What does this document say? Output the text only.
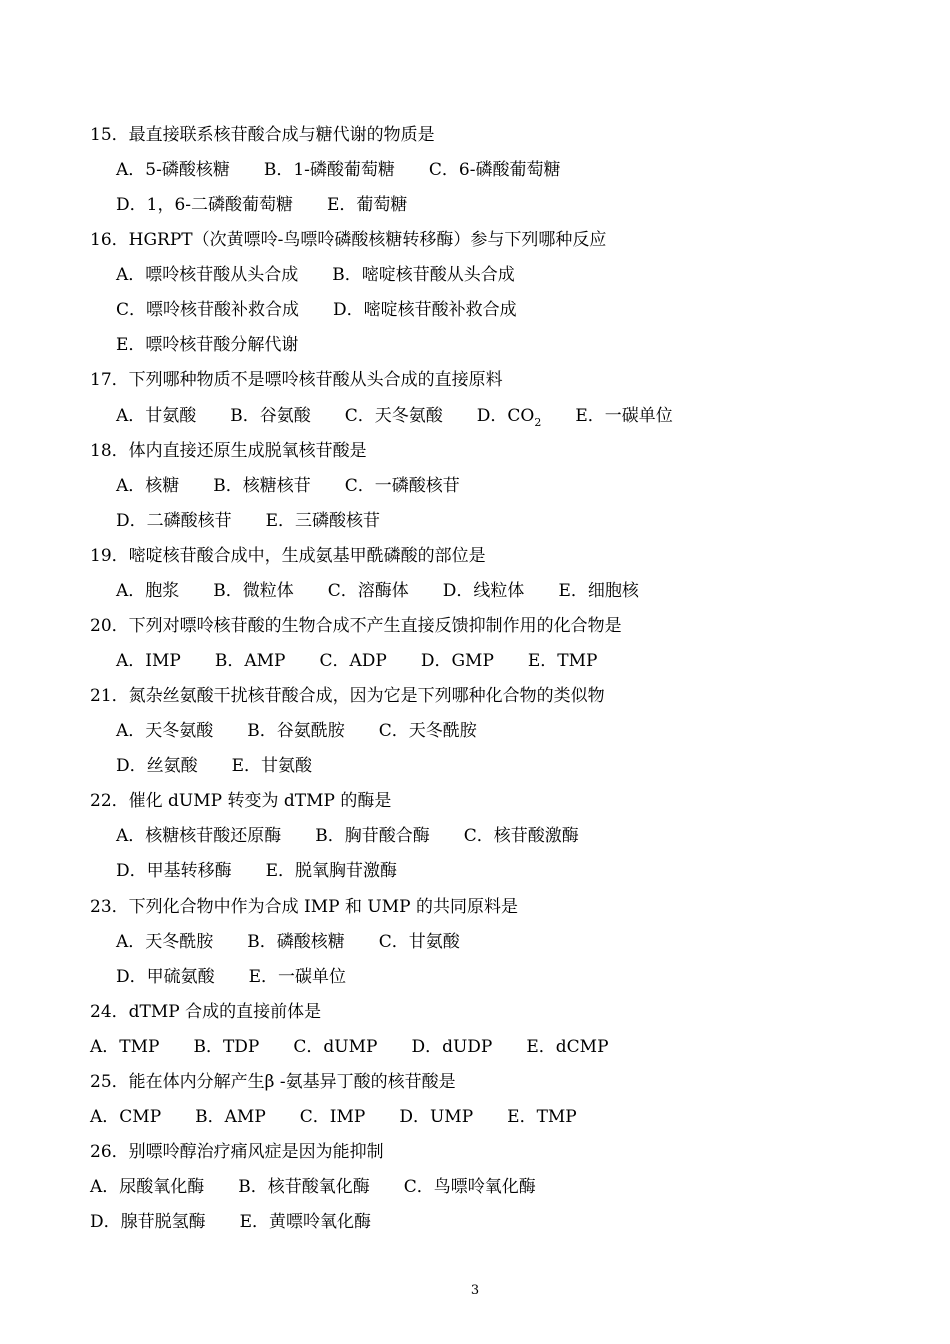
15．最直接联系核苷酸合成与糖代谢的物质是
A．5-磷酸核糖 B．1-磷酸葡萄糖 C．6-磷酸葡萄糖
D．1，6-二磷酸葡萄糖 E．葡萄糖
16．HGRPT（次黄嘌呤-鸟嘌呤磷酸核糖转移酶）参与下列哪种反应
A．嘌呤核苷酸从头合成 B．嘧啶核苷酸从头合成
C．嘌呤核苷酸补救合成 D．嘧啶核苷酸补救合成
E．嘌呤核苷酸分解代谢
17．下列哪种物质不是嘌呤核苷酸从头合成的直接原料
A．甘氨酸 B．谷氨酸 C．天冬氨酸 D．$CO_2$ E．一碳单位
18．体内直接还原生成脱氧核苷酸是
A．核糖 B．核糖核苷 C．一磷酸核苷
D．二磷酸核苷 E．三磷酸核苷
19．嘧啶核苷酸合成中，生成氨基甲酰磷酸的部位是
A．胞浆 B．微粒体 C．溶酶体 D．线粒体 E．细胞核
20．下列对嘌呤核苷酸的生物合成不产生直接反馈抑制作用的化合物是
A．IMP B．AMP C．ADP D．GMP E．TMP
21．氮杂丝氨酸干扰核苷酸合成，因为它是下列哪种化合物的类似物
A．天冬氨酸 B．谷氨酰胺 C．天冬酰胺
D．丝氨酸 E．甘氨酸
22．催化 dUMP 转变为 dTMP 的酶是
A．核糖核苷酸还原酶 B．胸苷酸合酶 C．核苷酸激酶
D．甲基转移酶 E．脱氧胸苷激酶
23．下列化合物中作为合成 IMP 和 UMP 的共同原料是
A．天冬酰胺 B．磷酸核糖 C．甘氨酸
D．甲硫氨酸 E．一碳单位
24．dTMP 合成的直接前体是
A．TMP B．TDP C．dUMP D．dUDP E．dCMP
25．能在体内分解产生β -氨基异丁酸的核苷酸是
A．CMP B．AMP C．IMP D．UMP E．TMP
26．别嘌呤醇治疗痛风症是因为能抑制
A．尿酸氧化酶 B．核苷酸氧化酶 C．鸟嘌呤氧化酶
D．腺苷脱氢酶 E．黄嘌呤氧化酶
3
